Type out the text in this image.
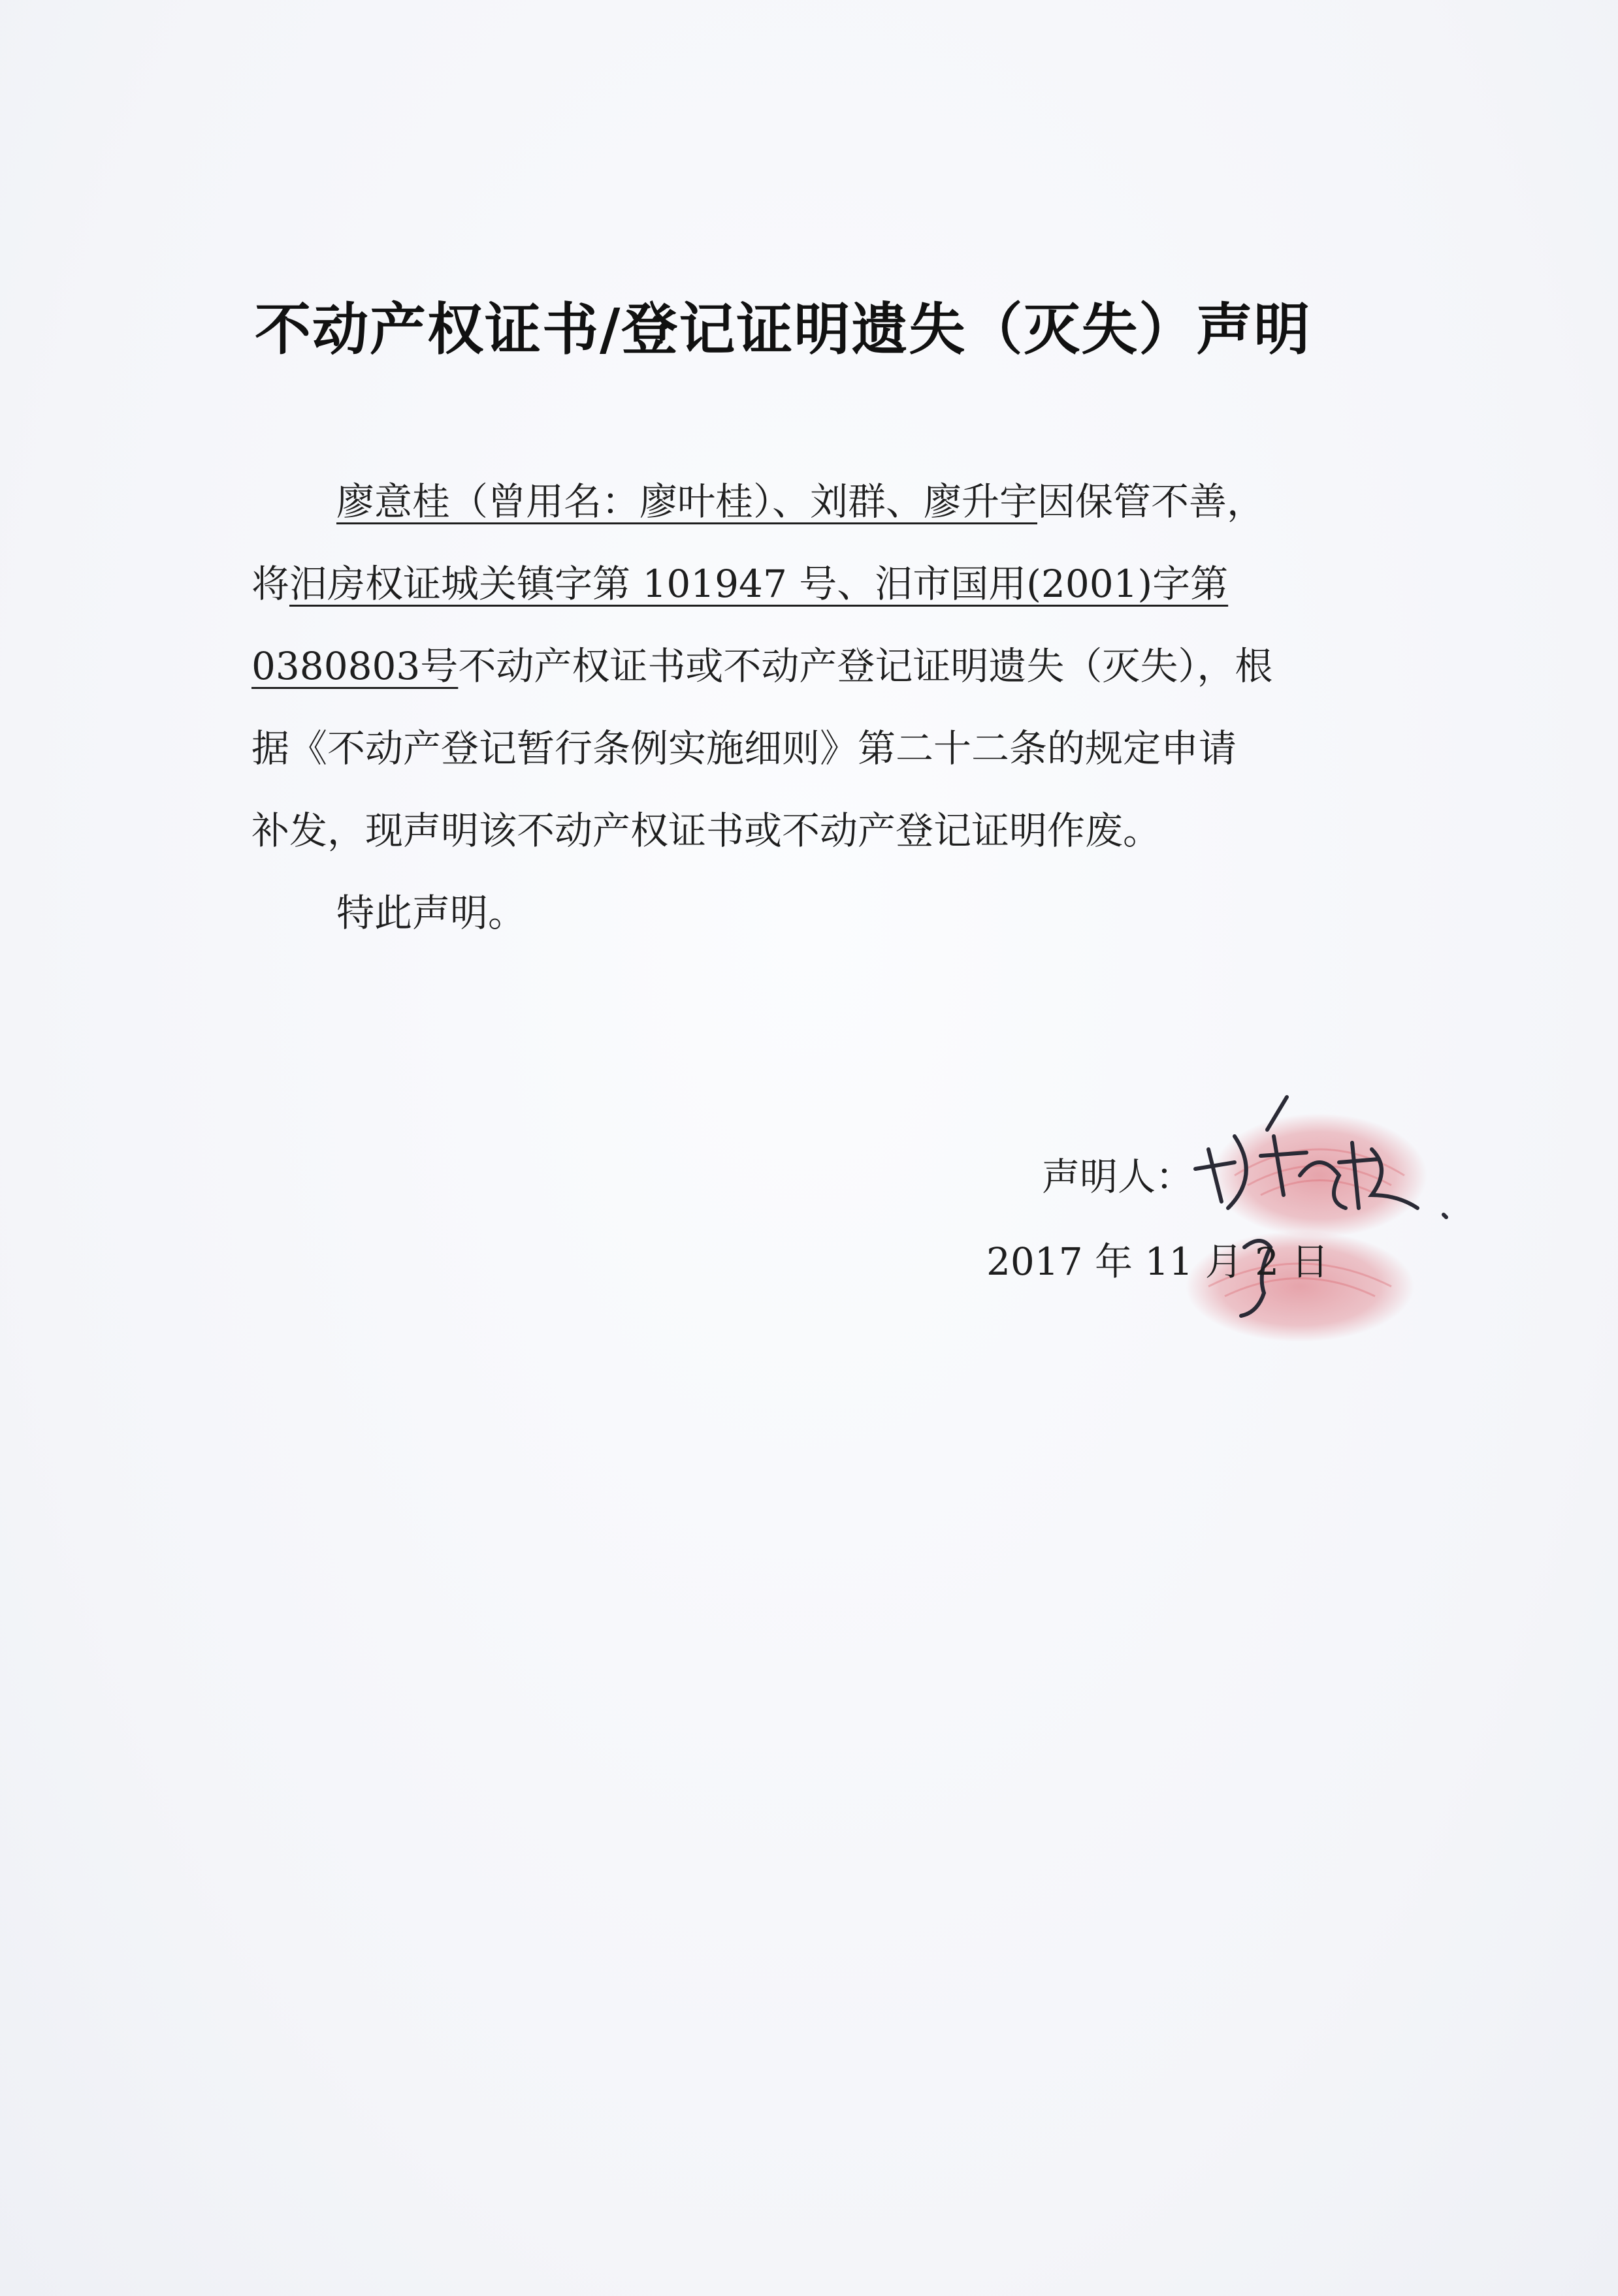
不动产权证书/登记证明遗失（灭失）声明
廖意桂（曾用名：廖叶桂）、刘群、廖升宇因保管不善，
将汨房权证城关镇字第 101947 号、汨市国用(2001)字第
0380803号不动产权证书或不动产登记证明遗失（灭失），根
据《不动产登记暂行条例实施细则》第二十二条的规定申请
补发，现声明该不动产权证书或不动产登记证明作废。
特此声明。
声明人：
2017 年 11 月 2 日
